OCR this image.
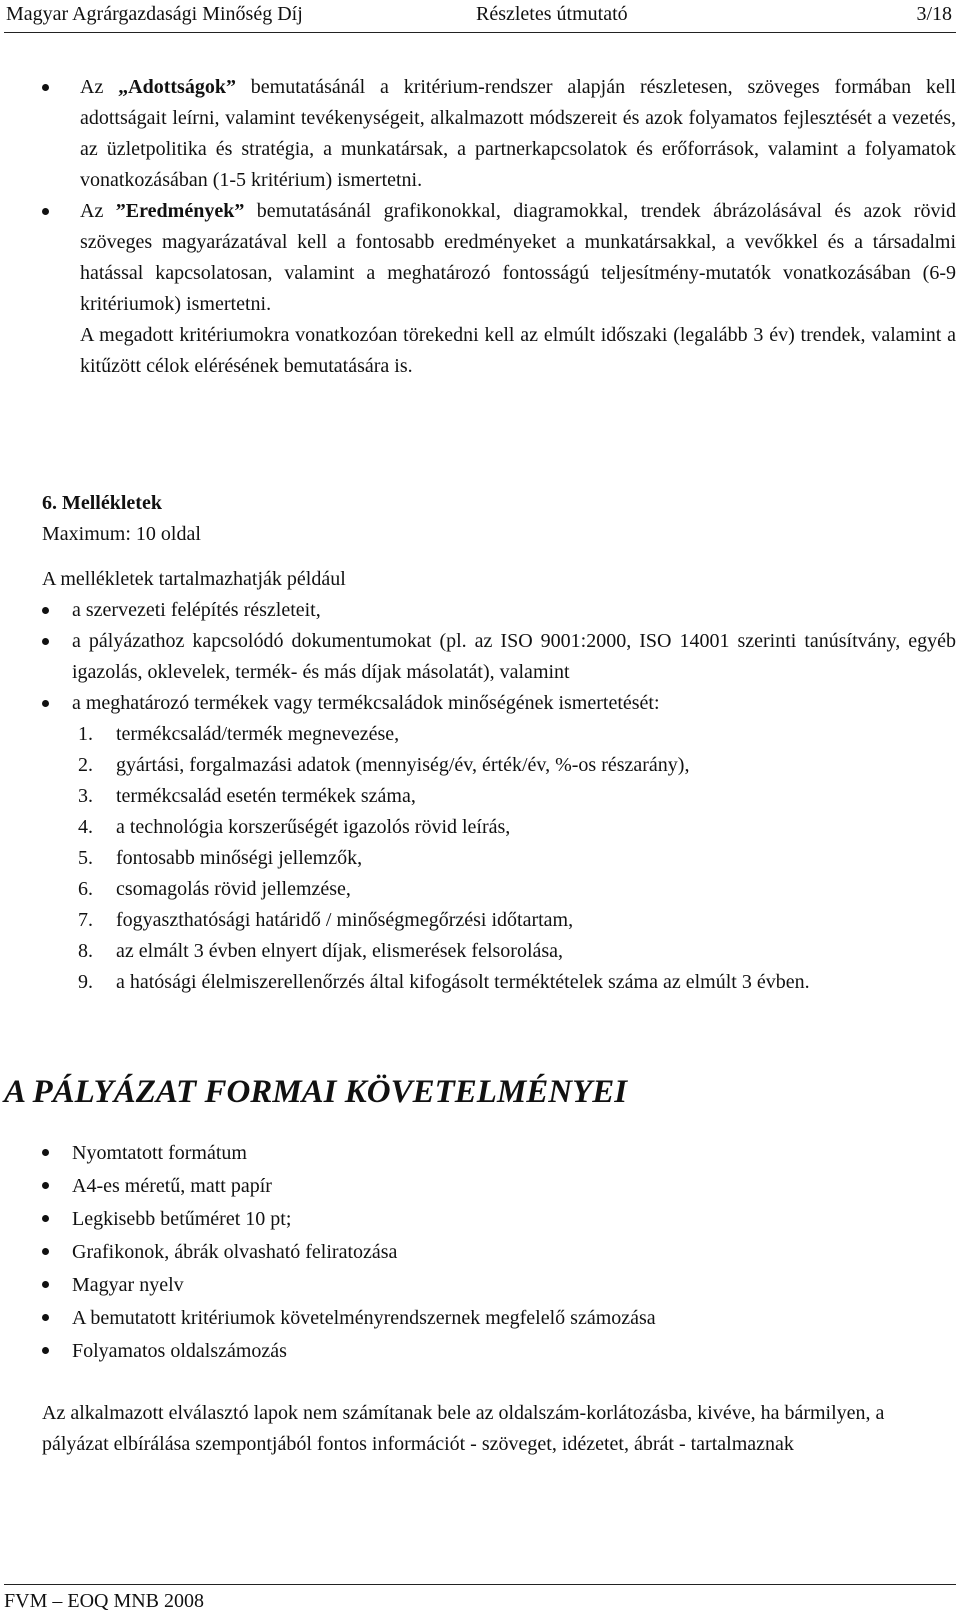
Magyar Agrárgazdasági Minőség Díj	Részletes útmutató	3/18
Az „Adottságok” bemutatásánál a kritérium-rendszer alapján részletesen, szöveges formában kell adottságait leírni, valamint tevékenységeit, alkalmazott módszereit és azok folyamatos fejlesztését a vezetés, az üzletpolitika és stratégia, a munkatársak, a partnerkapcsolatok és erőforrások, valamint a folyamatok vonatkozásában (1-5 kritérium) ismertetni.
Az ”Eredmények” bemutatásánál grafikonokkal, diagramokkal, trendek ábrázolásával és azok rövid szöveges magyarázatával kell a fontosabb eredményeket a munkatársakkal, a vevőkkel és a társadalmi hatással kapcsolatosan, valamint a meghatározó fontosságú teljesítmény-mutatók vonatkozásában (6-9 kritériumok) ismertetni.
A megadott kritériumokra vonatkozóan törekedni kell az elmúlt időszaki (legalább 3 év) trendek, valamint a kitűzött célok elérésének bemutatására is.
6. Mellékletek
Maximum: 10 oldal
A mellékletek tartalmazhatják például
a szervezeti felépítés részleteit,
a pályázathoz kapcsolódó dokumentumokat (pl. az ISO 9001:2000, ISO 14001 szerinti tanúsítvány, egyéb igazolás, oklevelek, termék- és más díjak másolatát), valamint
a meghatározó termékek vagy termékcsaládok minőségének ismertetését:
1. termékcsalád/termék megnevezése,
2. gyártási, forgalmazási adatok (mennyiség/év, érték/év, %-os részarány),
3. termékcsalád esetén termékek száma,
4. a technológia korszerűségét igazolós rövid leírás,
5. fontosabb minőségi jellemzők,
6. csomagolás rövid jellemzése,
7. fogyaszthatósági határidő / minőségmegőrzési időtartam,
8. az elmált 3 évben elnyert díjak, elismerések felsorolása,
9. a hatósági élelmiszerellenőrzés által kifogásolt terméktételek száma az elmúlt 3 évben.
A PÁLYÁZAT FORMAI KÖVETELMÉNYEI
Nyomtatott formátum
A4-es méretű, matt papír
Legkisebb betűméret 10 pt;
Grafikonok, ábrák olvasható feliratozása
Magyar nyelv
A bemutatott kritériumok követelményrendszernek megfelelő számozása
Folyamatos oldalszámozás
Az alkalmazott elválasztó lapok nem számítanak bele az oldalszám-korlátozásba, kivéve, ha bármilyen, a pályázat elbírálása szempontjából fontos információt - szöveget, idézetet, ábrát - tartalmaznak
FVM – EOQ MNB 2008
